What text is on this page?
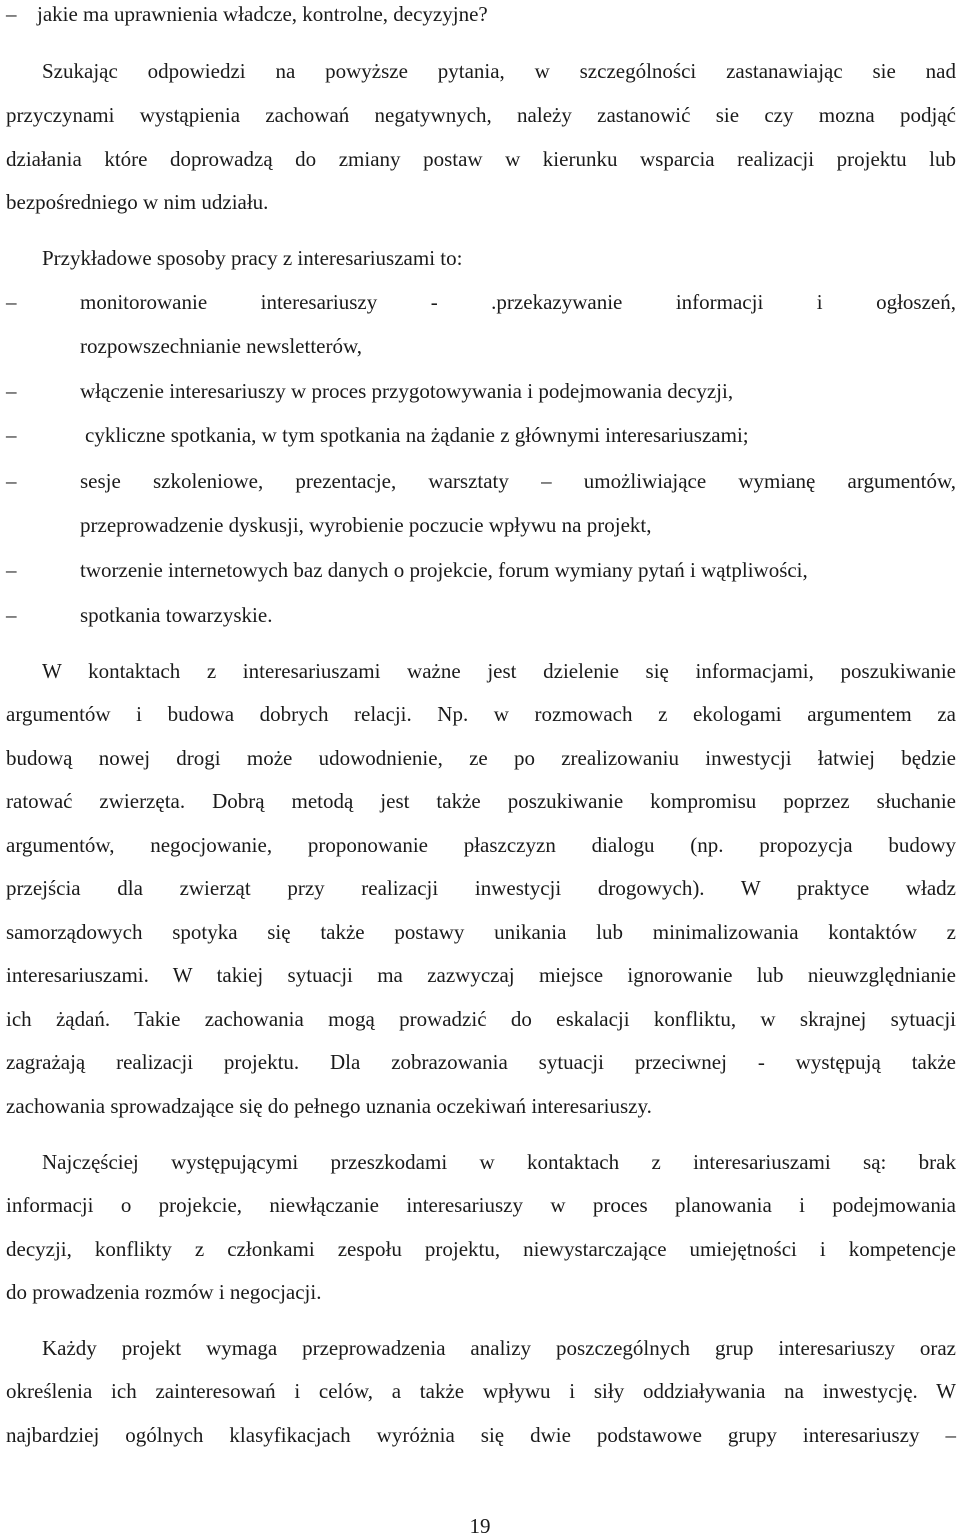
– jakie ma uprawnienia władcze, kontrolne, decyzyjne?
Szukając odpowiedzi na powyższe pytania, w szczególności zastanawiając sie nad
przyczynami wystąpienia zachowań negatywnych, należy zastanowić sie czy mozna podjąć
działania które doprowadzą do zmiany postaw w kierunku wsparcia realizacji projektu lub
bezpośredniego w nim udziału.
Przykładowe sposoby pracy z interesariuszami to:
–	monitorowanie interesariuszy - .przekazywanie informacji i ogłoszeń,
rozpowszechnianie newsletterów,
–	włączenie interesariuszy w proces przygotowywania i podejmowania decyzji,
–	cykliczne spotkania, w tym spotkania na żądanie z głównymi interesariuszami;
–	sesje szkoleniowe, prezentacje, warsztaty – umożliwiające wymianę argumentów,
przeprowadzenie dyskusji, wyrobienie poczucie wpływu na projekt,
–	tworzenie internetowych baz danych o projekcie, forum wymiany pytań i wątpliwości,
–	spotkania towarzyskie.
W kontaktach z interesariuszami ważne jest dzielenie się informacjami, poszukiwanie
argumentów i budowa dobrych relacji. Np. w rozmowach z ekologami argumentem za
budową nowej drogi może udowodnienie, ze po zrealizowaniu inwestycji łatwiej będzie
ratować zwierzęta. Dobrą metodą jest także poszukiwanie kompromisu poprzez słuchanie
argumentów, negocjowanie, proponowanie płaszczyzn dialogu (np. propozycja budowy
przejścia dla zwierząt przy realizacji inwestycji drogowych). W praktyce władz
samorządowych spotyka się także postawy unikania lub minimalizowania kontaktów z
interesariuszami. W takiej sytuacji ma zazwyczaj miejsce ignorowanie lub nieuwzględnianie
ich żądań. Takie zachowania mogą prowadzić do eskalacji konfliktu, w skrajnej sytuacji
zagrażają realizacji projektu. Dla zobrazowania sytuacji przeciwnej - występują także
zachowania sprowadzające się do pełnego uznania oczekiwań interesariuszy.
Najczęściej występującymi przeszkodami w kontaktach z interesariuszami są: brak
informacji o projekcie, niewłączanie interesariuszy w proces planowania i podejmowania
decyzji, konflikty z członkami zespołu projektu, niewystarczające umiejętności i kompetencje
do prowadzenia rozmów i negocjacji.
Każdy projekt wymaga przeprowadzenia analizy poszczególnych grup interesariuszy oraz
określenia ich zainteresowań i celów, a także wpływu i siły oddziaływania na inwestycję. W
najbardziej ogólnych klasyfikacjach wyróżnia się dwie podstawowe grupy interesariuszy –
19
